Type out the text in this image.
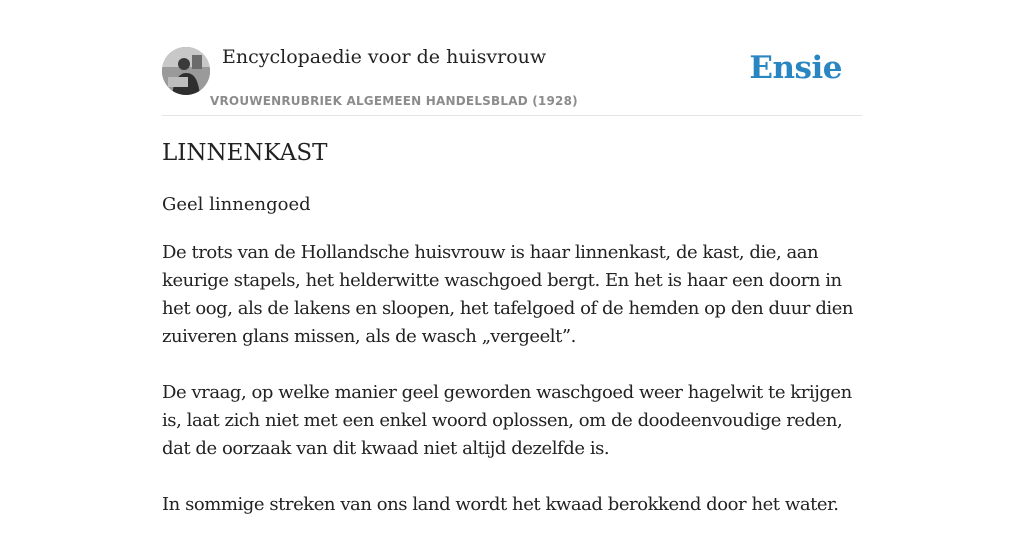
Encyclopaedie voor de huisvrouw
VROUWENRUBRIEK ALGEMEEN HANDELSBLAD (1928)
Ensie
LINNENKAST
Geel linnengoed

De trots van de Hollandsche huisvrouw is haar linnenkast, de kast, die, aan keurige stapels, het helderwitte waschgoed bergt. En het is haar een doorn in het oog, als de lakens en sloopen, het tafelgoed of de hemden op den duur dien zuiveren glans missen, als de wasch „vergeelt”.

De vraag, op welke manier geel geworden waschgoed weer hagelwit te krijgen is, laat zich niet met een enkel woord oplossen, om de doodeenvoudige reden, dat de oorzaak van dit kwaad niet altijd dezelfde is.

In sommige streken van ons land wordt het kwaad berokkend door het water.
